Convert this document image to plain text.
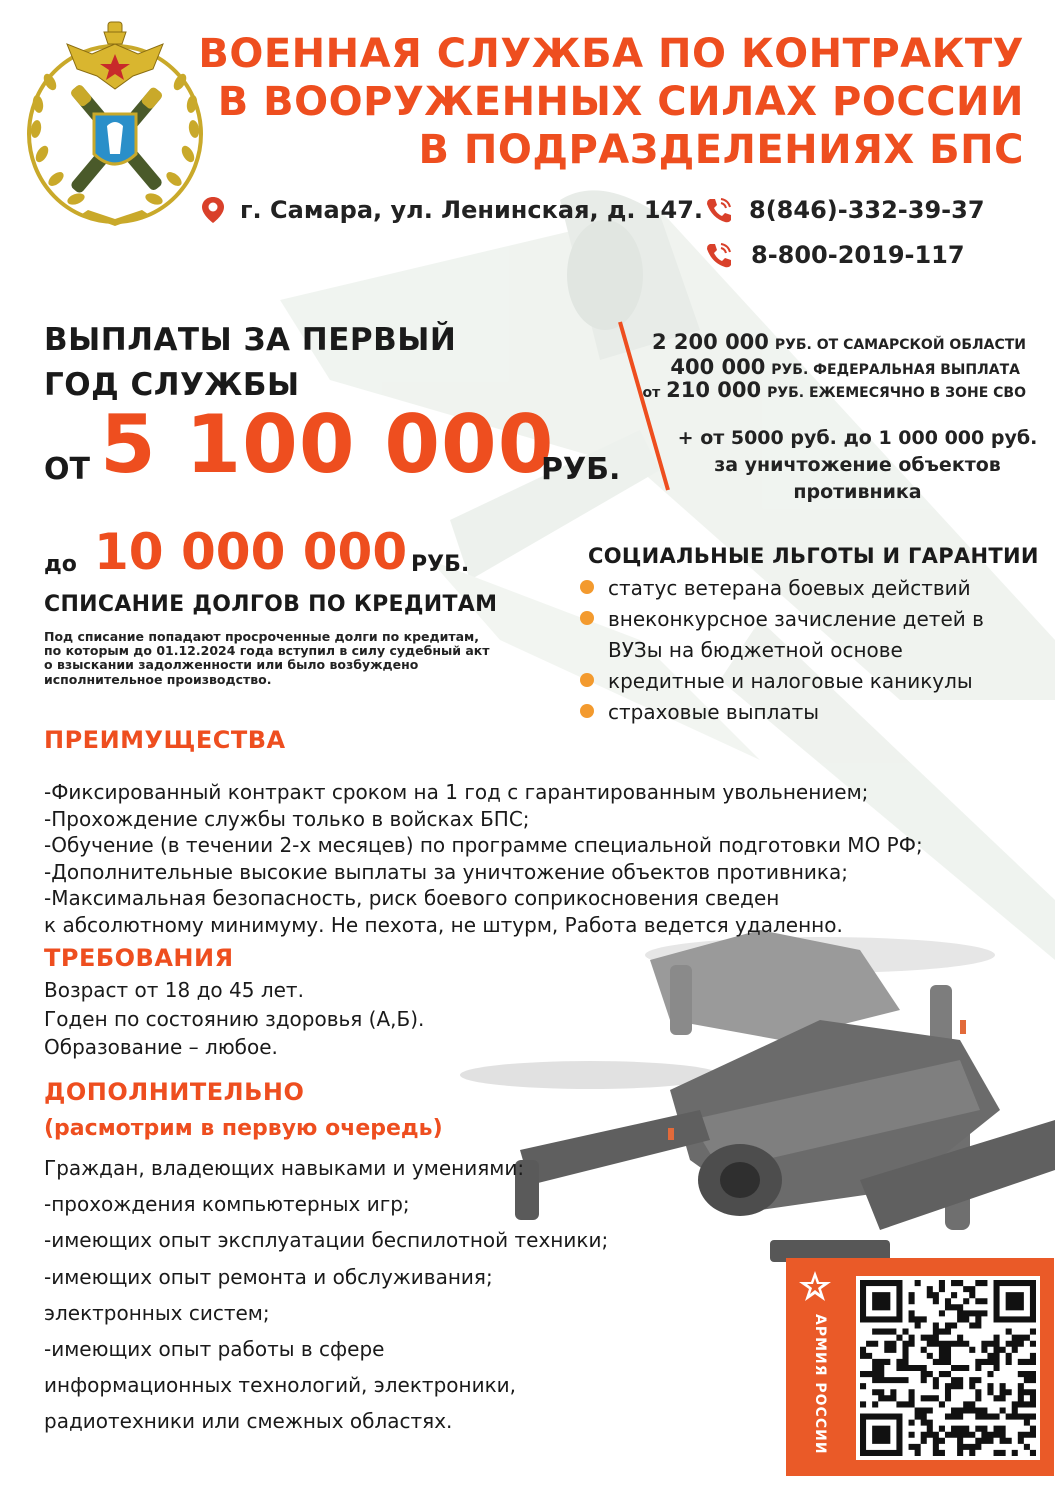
ВОЕННАЯ СЛУЖБА ПО КОНТРАКТУ
В ВООРУЖЕННЫХ СИЛАХ РОССИИ
В ПОДРАЗДЕЛЕНИЯХ БПС
г. Самара, ул. Ленинская, д. 147. 8(846)-332-39-37
8-800-2019-117
ВЫПЛАТЫ ЗА ПЕРВЫЙ
ГОД СЛУЖБЫ
ОТ 5 100 000
РУБ.
2 200 000 РУБ. ОТ САМАРСКОЙ ОБЛАСТИ
400 000 РУБ. ФЕДЕРАЛЬНАЯ ВЫПЛАТА
от 210 000 РУБ. ЕЖЕМЕСЯЧНО В ЗОНЕ СВО
+ от 5000 руб. до 1 000 000 руб.
за уничтожение объектов
противника
до 10 000 000 РУБ.
СПИСАНИЕ ДОЛГОВ ПО КРЕДИТАМ
Под списание попадают просроченные долги по кредитам,
по которым до 01.12.2024 года вступил в силу судебный акт
о взыскании задолженности или было возбуждено
исполнительное производство.
СОЦИАЛЬНЫЕ ЛЬГОТЫ И ГАРАНТИИ
статус ветерана боевых действий
внеконкурсное зачисление детей в
ВУЗы на бюджетной основе
кредитные и налоговые каникулы
страховые выплаты
ПРЕИМУЩЕСТВА
-Фиксированный контракт сроком на 1 год с гарантированным увольнением;
-Прохождение службы только в войсках БПС;
-Обучение (в течении 2-х месяцев) по программе специальной подготовки МО РФ;
-Дополнительные высокие выплаты за уничтожение объектов противника;
-Максимальная безопасность, риск боевого соприкосновения сведен
к абсолютному минимуму. Не пехота, не штурм, Работа ведется удаленно.
ТРЕБОВАНИЯ
Возраст от 18 до 45 лет.
Годен по состоянию здоровья (А,Б).
Образование – любое.
ДОПОЛНИТЕЛЬНО
(расмотрим в первую очередь)
Граждан, владеющих навыками и умениями:
-прохождения компьютерных игр;
-имеющих опыт эксплуатации беспилотной техники;
-имеющих опыт ремонта и обслуживания;
электронных систем;
-имеющих опыт работы в сфере
информационных технологий, электроники,
радиотехники или смежных областях.	АРМИЯ РОССИИ
